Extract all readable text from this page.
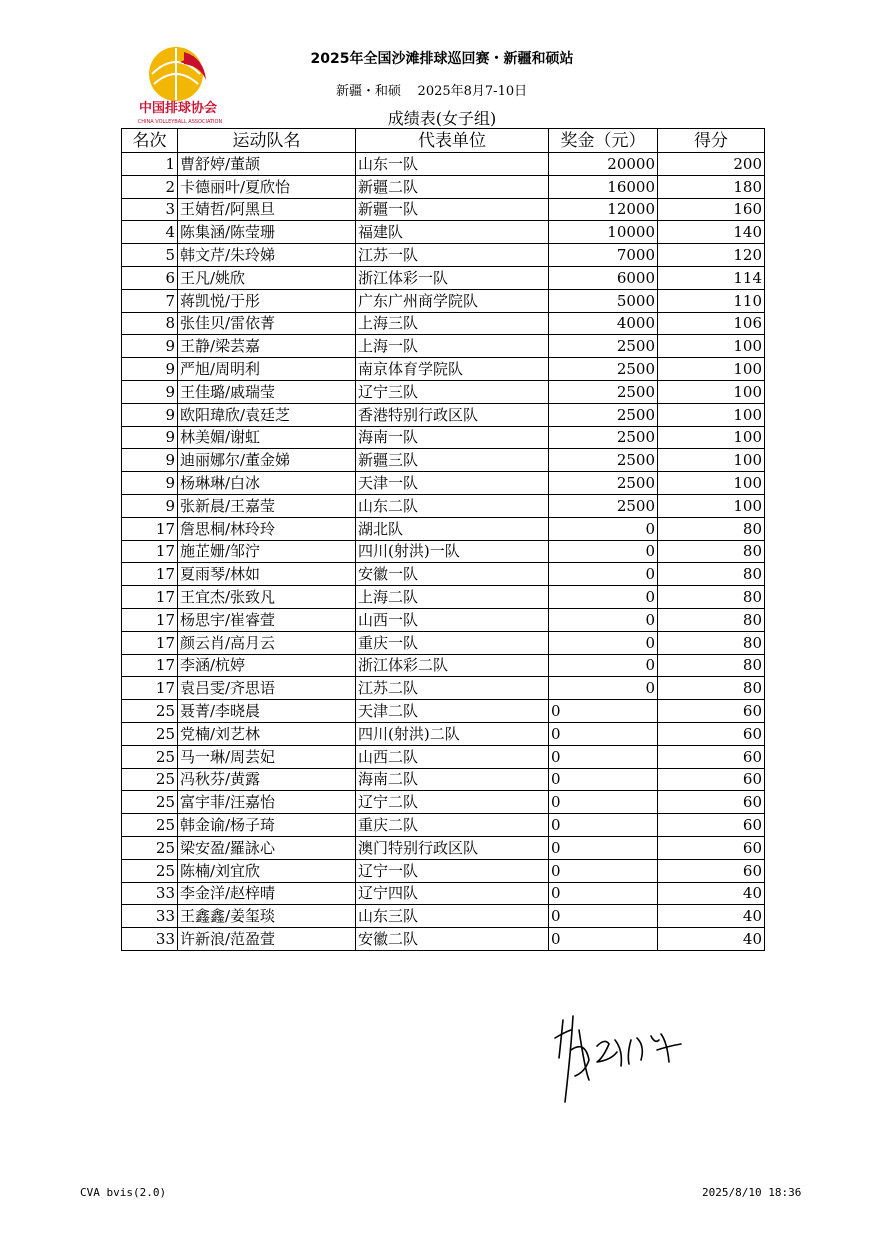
中国排球协会
CHINA VOLLEYBALL ASSOCIATION
2025年全国沙滩排球巡回赛・新疆和硕站
新疆・和硕 2025年8月7-10日
成绩表(女子组)
名次	运动队名	代表单位	奖金（元）	得分
1	曹舒婷/董颉	山东一队	20000	200
2	卡德丽叶/夏欣怡	新疆二队	16000	180
3	王婧哲/阿黑旦	新疆一队	12000	160
4	陈集涵/陈莹珊	福建队	10000	140
5	韩文芹/朱玲娣	江苏一队	7000	120
6	王凡/姚欣	浙江体彩一队	6000	114
7	蒋凯悦/于彤	广东广州商学院队	5000	110
8	张佳贝/雷依菁	上海三队	4000	106
9	王静/梁芸嘉	上海一队	2500	100
9	严旭/周明利	南京体育学院队	2500	100
9	王佳璐/戚瑞莹	辽宁三队	2500	100
9	欧阳瑋欣/袁廷芝	香港特别行政区队	2500	100
9	林美媚/谢虹	海南一队	2500	100
9	迪丽娜尔/董金娣	新疆三队	2500	100
9	杨琳琳/白冰	天津一队	2500	100
9	张新晨/王嘉莹	山东二队	2500	100
17	詹思桐/林玲玲	湖北队	0	80
17	施芷姗/邹泞	四川(射洪)一队	0	80
17	夏雨琴/林如	安徽一队	0	80
17	王宜杰/张致凡	上海二队	0	80
17	杨思宇/崔睿萱	山西一队	0	80
17	颜云肖/高月云	重庆一队	0	80
17	李涵/杭婷	浙江体彩二队	0	80
17	袁吕雯/齐思语	江苏二队	0	80
25	聂菁/李晓晨	天津二队	0	60
25	党楠/刘艺林	四川(射洪)二队	0	60
25	马一琳/周芸妃	山西二队	0	60
25	冯秋芬/黄露	海南二队	0	60
25	富宇菲/汪嘉怡	辽宁二队	0	60
25	韩金谕/杨子琦	重庆二队	0	60
25	梁安盈/羅詠心	澳门特别行政区队	0	60
25	陈楠/刘宜欣	辽宁一队	0	60
33	李金洋/赵梓晴	辽宁四队	0	40
33	王鑫鑫/姜玺琰	山东三队	0	40
33	许新浪/范盈萱	安徽二队	0	40
CVA bvis(2.0)	2025/8/10 18:36
